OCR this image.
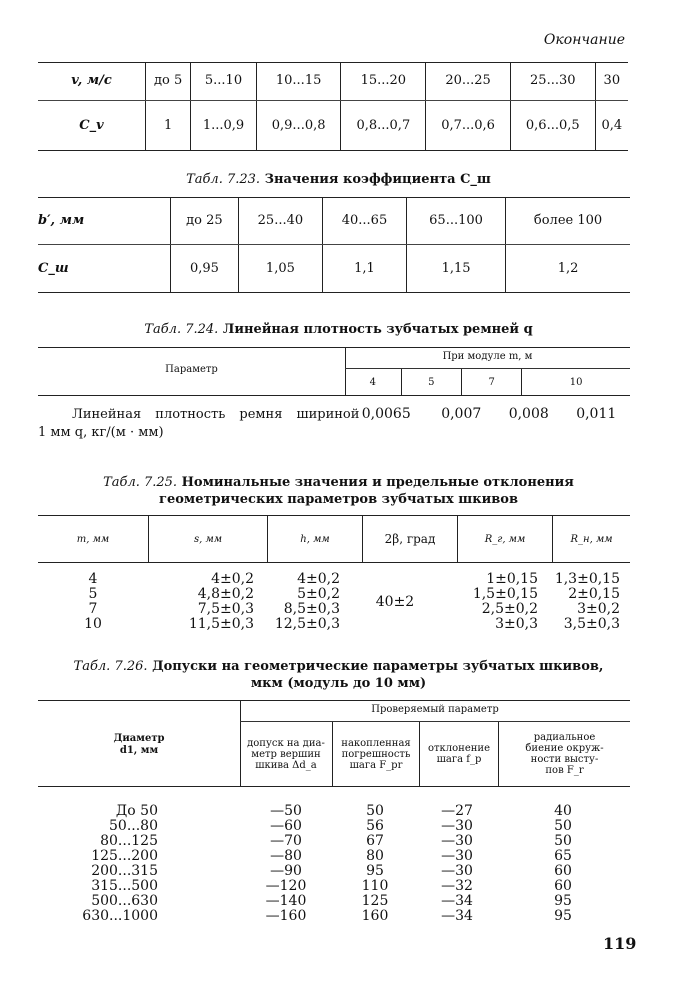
Окончание
v, м/с	до 5	5...10	10...15	15...20	20...25	25...30	30
C_v	1	1...0,9	0,9...0,8	0,8...0,7	0,7...0,6	0,6...0,5	0,4
Табл. 7.23. Значения коэффициента C_ш
b′, мм	до 25	25...40	40...65	65...100	более 100
C_ш	0,95	1,05	1,1	1,15	1,2
Табл. 7.24. Линейная плотность зубчатых ремней q
Параметр
При модуле m, м
4	5	7	10
Линейная плотность ремня шириной
1 мм q, кг/(м · мм)
0,0065	0,007	0,008	0,011
Табл. 7.25. Номинальные значения и предельные отклонения
геометрических параметров зубчатых шкивов
m, мм	s, мм	h, мм	2β, град	R_г, мм	R_н, мм
4	4±0,2	4±0,2	40±2	1±0,15	1,3±0,15
5	4,8±0,2	5±0,2		1,5±0,15	2±0,15
7	7,5±0,3	8,5±0,3		2,5±0,2	3±0,2
10	11,5±0,3	12,5±0,3		3±0,3	3,5±0,3
Табл. 7.26. Допуски на геометрические параметры зубчатых шкивов,
мкм (модуль до 10 мм)
Диаметр
d1, мм
Проверяемый параметр
допуск на диа-
метр вершин
шкива Δd_a

накопленная
погрешность
шага F_pr

отклонение
шага f_p

радиальное
биение окруж-
ности высту-
пов F_r
До 50	—50	50	—27	40
50...80	—60	56	—30	50
80...125	—70	67	—30	50
125...200	—80	80	—30	65
200...315	—90	95	—30	60
315...500	—120	110	—32	60
500...630	—140	125	—34	95
630...1000	—160	160	—34	95
119
